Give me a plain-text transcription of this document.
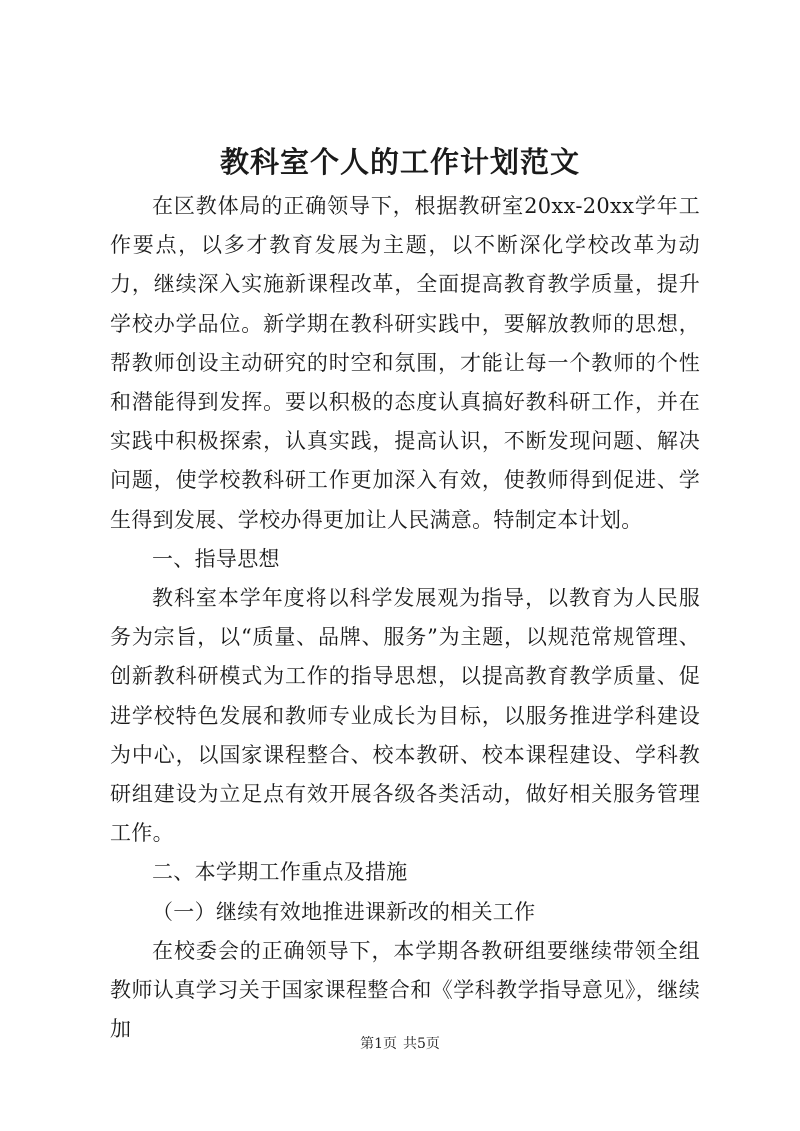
教科室个人的工作计划范文

在区教体局的正确领导下，根据教研室20xx-20xx学年工作要点，以多才教育发展为主题，以不断深化学校改革为动力，继续深入实施新课程改革，全面提高教育教学质量，提升学校办学品位。新学期在教科研实践中，要解放教师的思想，帮教师创设主动研究的时空和氛围，才能让每一个教师的个性和潜能得到发挥。要以积极的态度认真搞好教科研工作，并在实践中积极探索，认真实践，提高认识，不断发现问题、解决问题，使学校教科研工作更加深入有效，使教师得到促进、学生得到发展、学校办得更加让人民满意。特制定本计划。

一、指导思想

教科室本学年度将以科学发展观为指导，以教育为人民服务为宗旨，以“质量、品牌、服务”为主题，以规范常规管理、创新教科研模式为工作的指导思想，以提高教育教学质量、促进学校特色发展和教师专业成长为目标，以服务推进学科建设为中心，以国家课程整合、校本教研、校本课程建设、学科教研组建设为立足点有效开展各级各类活动，做好相关服务管理工作。

二、本学期工作重点及措施

（一）继续有效地推进课新改的相关工作

在校委会的正确领导下，本学期各教研组要继续带领全组教师认真学习关于国家课程整合和《学科教学指导意见》，继续加

第1页 共5页
